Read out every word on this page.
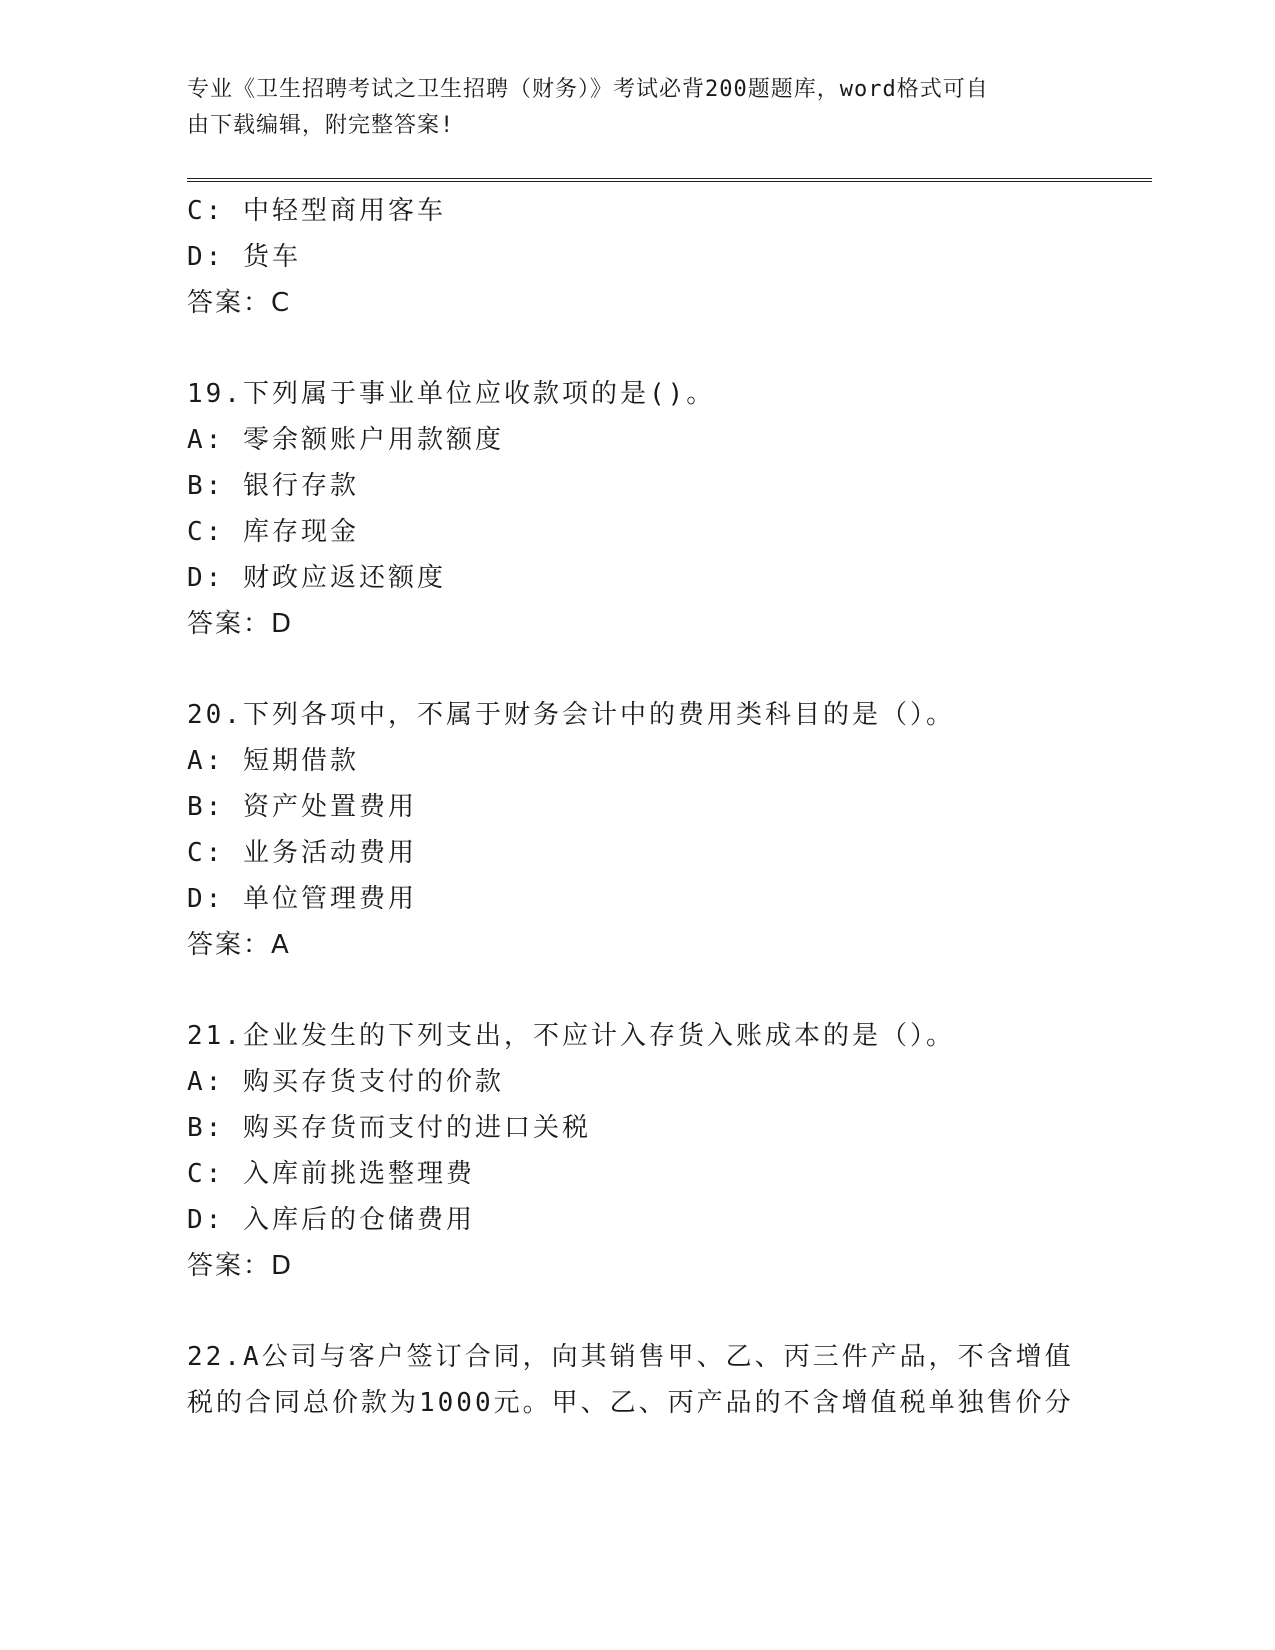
专业《卫生招聘考试之卫生招聘（财务）》考试必背200题题库，word格式可自
由下载编辑，附完整答案!
C: 中轻型商用客车
D: 货车
答案：C
19.下列属于事业单位应收款项的是()。
A: 零余额账户用款额度
B: 银行存款
C: 库存现金
D: 财政应返还额度
答案：D
20.下列各项中，不属于财务会计中的费用类科目的是（）。
A: 短期借款
B: 资产处置费用
C: 业务活动费用
D: 单位管理费用
答案：A
21.企业发生的下列支出，不应计入存货入账成本的是（）。
A: 购买存货支付的价款
B: 购买存货而支付的进口关税
C: 入库前挑选整理费
D: 入库后的仓储费用
答案：D
22.A公司与客户签订合同，向其销售甲、乙、丙三件产品，不含增值
税的合同总价款为1000元。甲、乙、丙产品的不含增值税单独售价分
